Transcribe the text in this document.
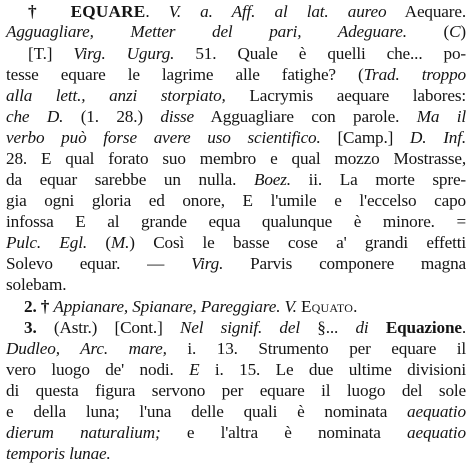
† EQUARE. V. a. Aff. al lat. aureo Aequare.
Agguagliare, Metter del pari, Adeguare. (C)
[T.] Virg. Ugurg. 51. Quale è quelli che... po-
tesse equare le lagrime alle fatighe? (Trad. troppo
alla lett., anzi storpiato, Lacrymis aequare labores:
che D. (1. 28.) disse Agguagliare con parole. Ma il
verbo può forse avere uso scientifico. [Camp.] D. Inf.
28. E qual forato suo membro e qual mozzo Mostrasse,
da equar sarebbe un nulla. Boez. ii. La morte spre-
gia ogni gloria ed onore, E l'umile e l'eccelso capo
infossa E al grande equa qualunque è minore. =
Pulc. Egl. (M.) Così le basse cose a' grandi effetti
Solevo equar. — Virg. Parvis componere magna
solebam.
2. † Appianare, Spianare, Pareggiare. V. Equato.
3. (Astr.) [Cont.] Nel signif. del §... di Equazione.
Dudleo, Arc. mare, i. 13. Strumento per equare il
vero luogo de' nodi. E i. 15. Le due ultime divisioni
di questa figura servono per equare il luogo del sole
e della luna; l'una delle quali è nominata aequatio
dierum naturalium; e l'altra è nominata aequatio
temporis lunae.
